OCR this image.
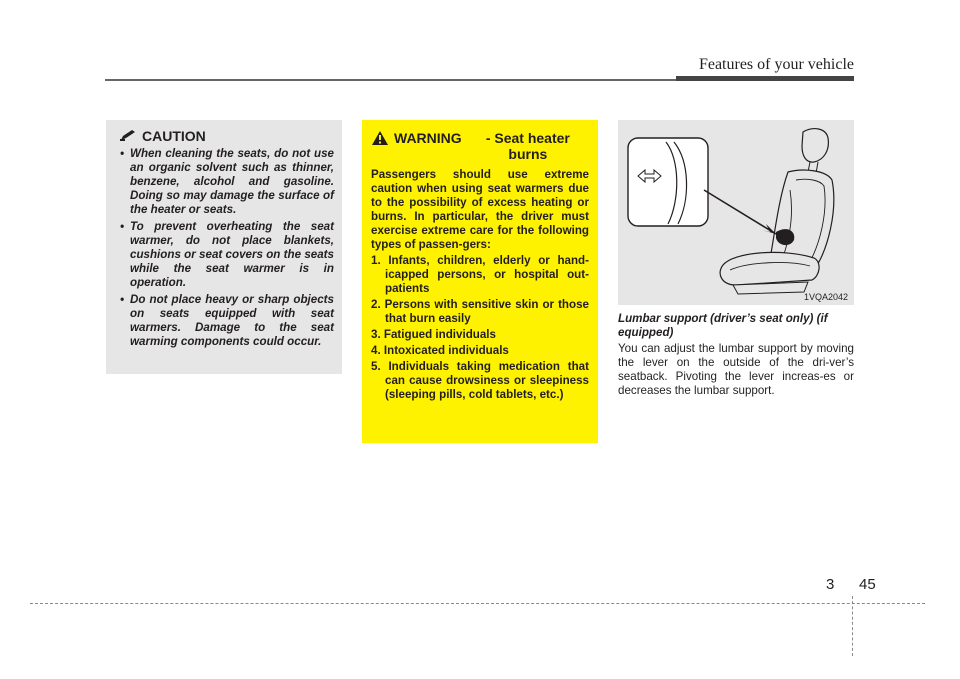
Features of your vehicle
CAUTION
• When cleaning the seats, do not use an organic solvent such as thinner, benzene, alcohol and gasoline. Doing so may damage the surface of the heater or seats.
• To prevent overheating the seat warmer, do not place blankets, cushions or seat covers on the seats while the seat warmer is in operation.
• Do not place heavy or sharp objects on seats equipped with seat warmers. Damage to the seat warming components could occur.
WARNING	- Seat heater burns
Passengers should use extreme caution when using seat warmers due to the possibility of excess heating or burns. In particular, the driver must exercise extreme care for the following types of passen-gers:
1. Infants, children, elderly or hand-icapped persons, or hospital out-patients
2. Persons with sensitive skin or those that burn easily
3. Fatigued individuals
4. Intoxicated individuals
5. Individuals taking medication that can cause drowsiness or sleepiness (sleeping pills, cold tablets, etc.)
1VQA2042
Lumbar support (driver’s seat only) (if equipped)
You can adjust the lumbar support by moving the lever on the outside of the dri-ver’s seatback. Pivoting the lever increas-es or decreases the lumbar support.
3 45
